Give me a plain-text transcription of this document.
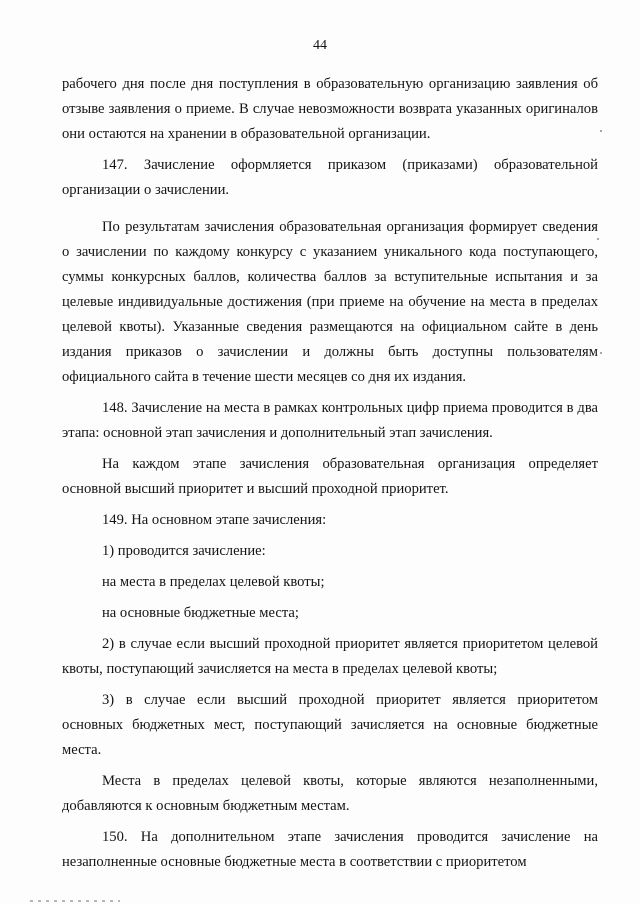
44

рабочего дня после дня поступления в образовательную организацию заявления об отзыве заявления о приеме. В случае невозможности возврата указанных оригиналов они остаются на хранении в образовательной организации.

147. Зачисление оформляется приказом (приказами) образовательной организации о зачислении.

По результатам зачисления образовательная организация формирует сведения о зачислении по каждому конкурсу с указанием уникального кода поступающего, суммы конкурсных баллов, количества баллов за вступительные испытания и за целевые индивидуальные достижения (при приеме на обучение на места в пределах целевой квоты). Указанные сведения размещаются на официальном сайте в день издания приказов о зачислении и должны быть доступны пользователям официального сайта в течение шести месяцев со дня их издания.

148. Зачисление на места в рамках контрольных цифр приема проводится в два этапа: основной этап зачисления и дополнительный этап зачисления.

На каждом этапе зачисления образовательная организация определяет основной высший приоритет и высший проходной приоритет.

149. На основном этапе зачисления:

1) проводится зачисление:

на места в пределах целевой квоты;

на основные бюджетные места;

2) в случае если высший проходной приоритет является приоритетом целевой квоты, поступающий зачисляется на места в пределах целевой квоты;

3) в случае если высший проходной приоритет является приоритетом основных бюджетных мест, поступающий зачисляется на основные бюджетные места.

Места в пределах целевой квоты, которые являются незаполненными, добавляются к основным бюджетным местам.

150. На дополнительном этапе зачисления проводится зачисление на незаполненные основные бюджетные места в соответствии с приоритетом
